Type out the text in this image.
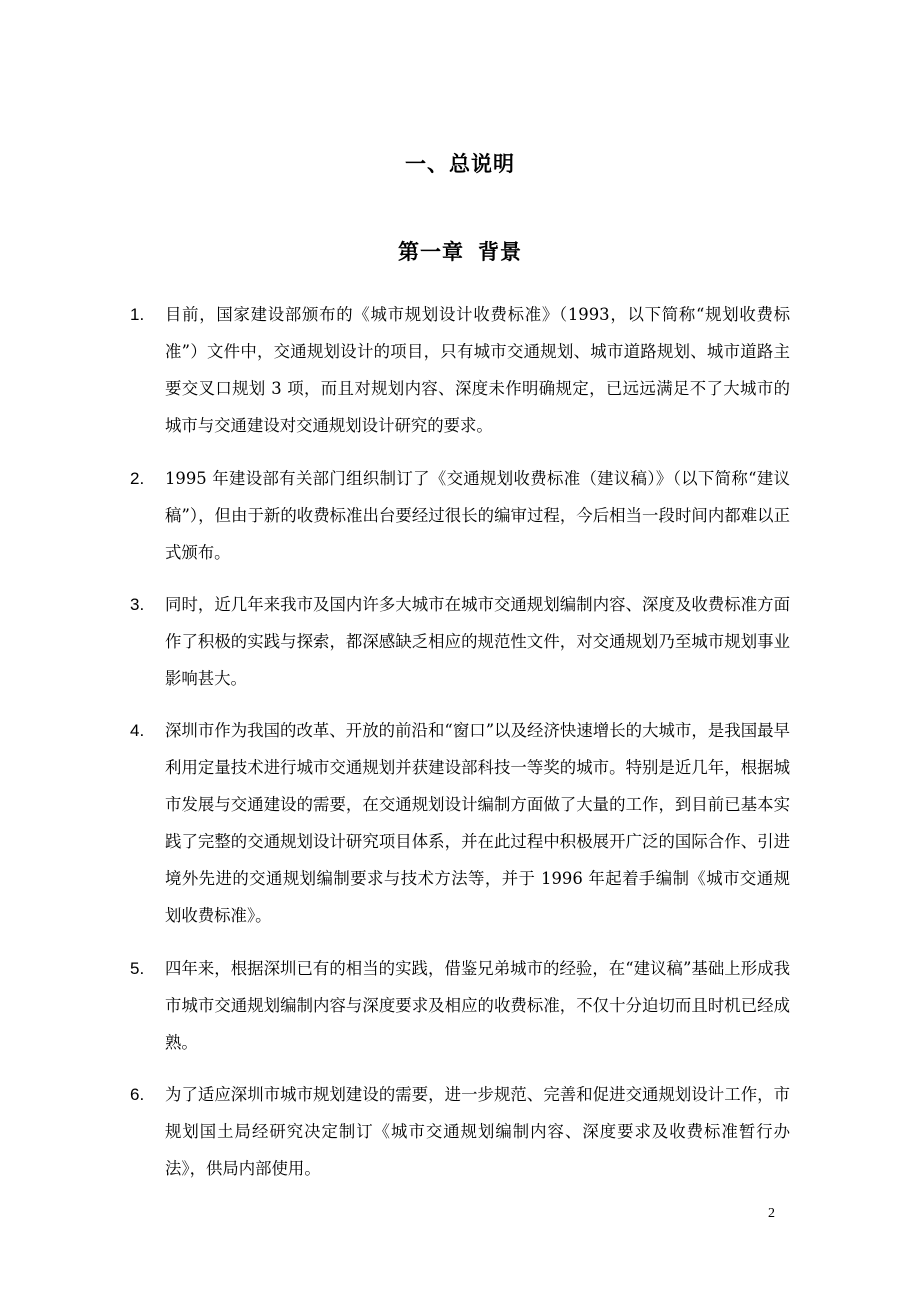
一、总说明
第一章 背景
1. 目前，国家建设部颁布的《城市规划设计收费标准》（1993，以下简称“规划收费标准”）文件中，交通规划设计的项目，只有城市交通规划、城市道路规划、城市道路主要交叉口规划 3 项，而且对规划内容、深度未作明确规定，已远远满足不了大城市的城市与交通建设对交通规划设计研究的要求。
2. 1995 年建设部有关部门组织制订了《交通规划收费标准（建议稿）》（以下简称“建议稿”），但由于新的收费标准出台要经过很长的编审过程，今后相当一段时间内都难以正式颁布。
3. 同时，近几年来我市及国内许多大城市在城市交通规划编制内容、深度及收费标准方面作了积极的实践与探索，都深感缺乏相应的规范性文件，对交通规划乃至城市规划事业影响甚大。
4. 深圳市作为我国的改革、开放的前沿和“窗口”以及经济快速增长的大城市，是我国最早利用定量技术进行城市交通规划并获建设部科技一等奖的城市。特别是近几年，根据城市发展与交通建设的需要，在交通规划设计编制方面做了大量的工作，到目前已基本实践了完整的交通规划设计研究项目体系，并在此过程中积极展开广泛的国际合作、引进境外先进的交通规划编制要求与技术方法等，并于 1996 年起着手编制《城市交通规划收费标准》。
5. 四年来，根据深圳已有的相当的实践，借鉴兄弟城市的经验，在“建议稿”基础上形成我市城市交通规划编制内容与深度要求及相应的收费标准，不仅十分迫切而且时机已经成熟。
6. 为了适应深圳市城市规划建设的需要，进一步规范、完善和促进交通规划设计工作，市规划国土局经研究决定制订《城市交通规划编制内容、深度要求及收费标准暂行办法》，供局内部使用。
2
